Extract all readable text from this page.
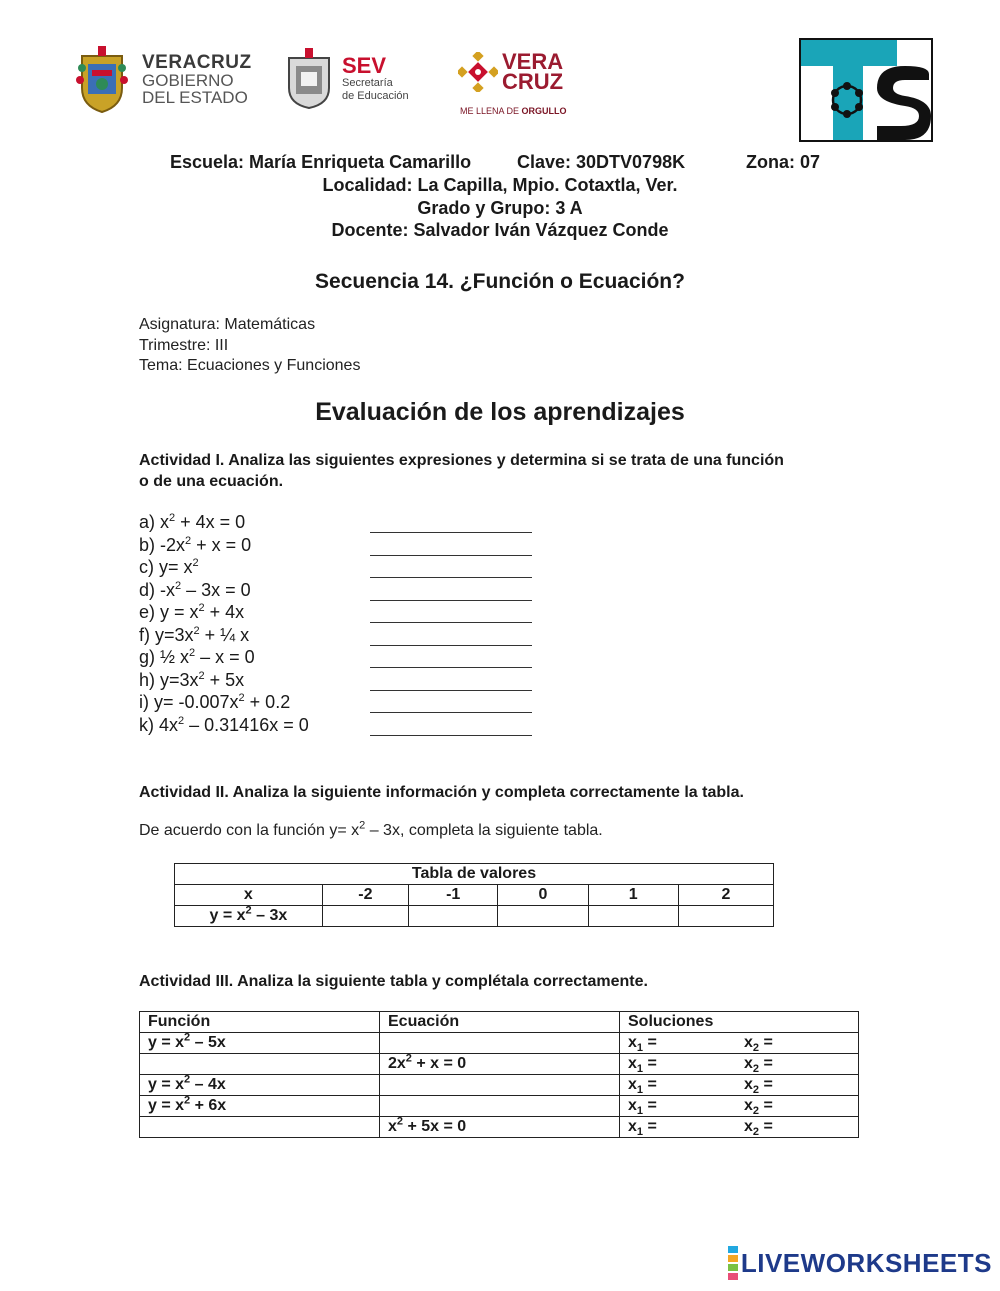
VERACRUZ
GOBIERNO
DEL ESTADO
SEV
Secretaría
de Educación
VERA
CRUZ
ME LLENA DE ORGULLO
Escuela: María Enriqueta Camarillo	Clave: 30DTV0798K	Zona: 07
Localidad: La Capilla, Mpio. Cotaxtla, Ver.
Grado y Grupo: 3 A
Docente: Salvador Iván Vázquez Conde
Secuencia 14. ¿Función o Ecuación?
Asignatura: Matemáticas
Trimestre: III
Tema: Ecuaciones y Funciones
Evaluación de los aprendizajes
Actividad I. Analiza las siguientes expresiones y determina si se trata de una función
o de una ecuación.
a) $x^2 + 4x = 0$
b) $-2x^2 + x = 0$
c) $y= x^2$
d) $-x^2 - 3x = 0$
e) $y = x^2 + 4x$
f) $y=3x^2$ + ¼ x
g) ½ $x^2 - x = 0$
h) $y=3x^2 + 5x$
i) $y= -0.007x^2 + 0.2$
k) $4x^2 - 0.31416x = 0$
Actividad II. Analiza la siguiente información y completa correctamente la tabla.
De acuerdo con la función $y= x^2 - 3x$, completa la siguiente tabla.
Tabla de valores					
x	-2	-1	0	1	2
$y = x^2 - 3x$					
Actividad III. Analiza la siguiente tabla y complétala correctamente.
Función	Ecuación	Soluciones
$y = x^2 - 5x$		$x_1 = x_2$ =
	$2x^2 + x = 0$	$x_1 = x_2$ =
$y = x^2 - 4x$		$x_1 = x_2$ =
$y = x^2 + 6x$		$x_1 = x_2$ =
	$x^2 + 5x = 0$	$x_1 = x_2$ =
LIVEWORKSHEETS
